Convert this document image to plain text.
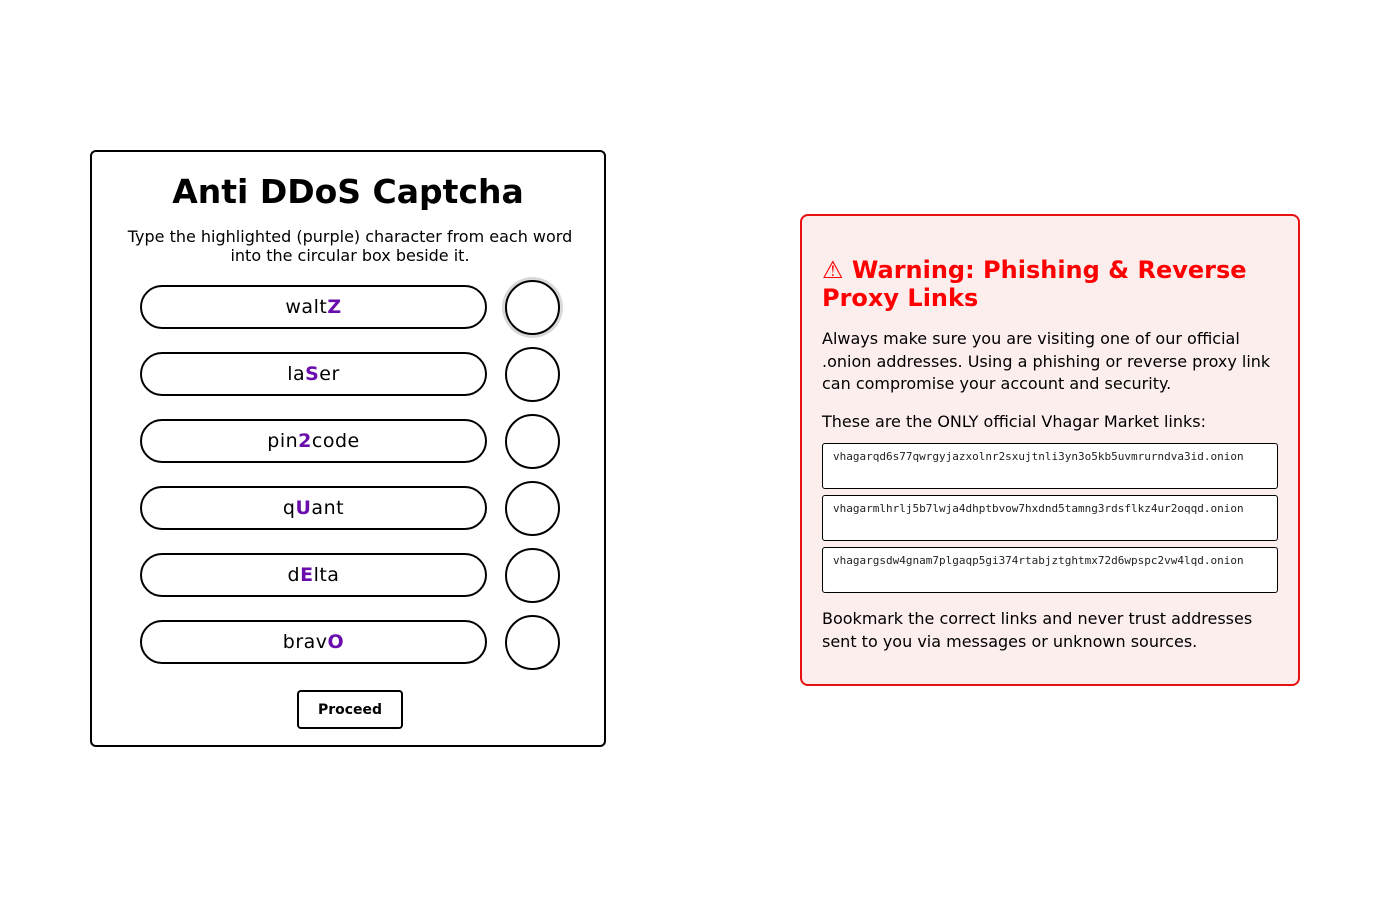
Anti DDoS Captcha

Type the highlighted (purple) character from each word into the circular box beside it.

walt Z
la S er
pin 2 code
q U ant
d E lta
brav O
Proceed
⚠ Warning: Phishing & Reverse Proxy Links

Always make sure you are visiting one of our official .onion addresses. Using a phishing or reverse proxy link can compromise your account and security.

These are the ONLY official Vhagar Market links:

vhagarqd6s77qwrgyjazxolnr2sxujtnli3yn3o5kb5uvmrurndva3id.onion
vhagarmlhrlj5b7lwja4dhptbvow7hxdnd5tamng3rdsflkz4ur2oqqd.onion
vhagargsdw4gnam7plgaqp5gi374rtabjztghtmx72d6wpspc2vw4lqd.onion

Bookmark the correct links and never trust addresses sent to you via messages or unknown sources.
